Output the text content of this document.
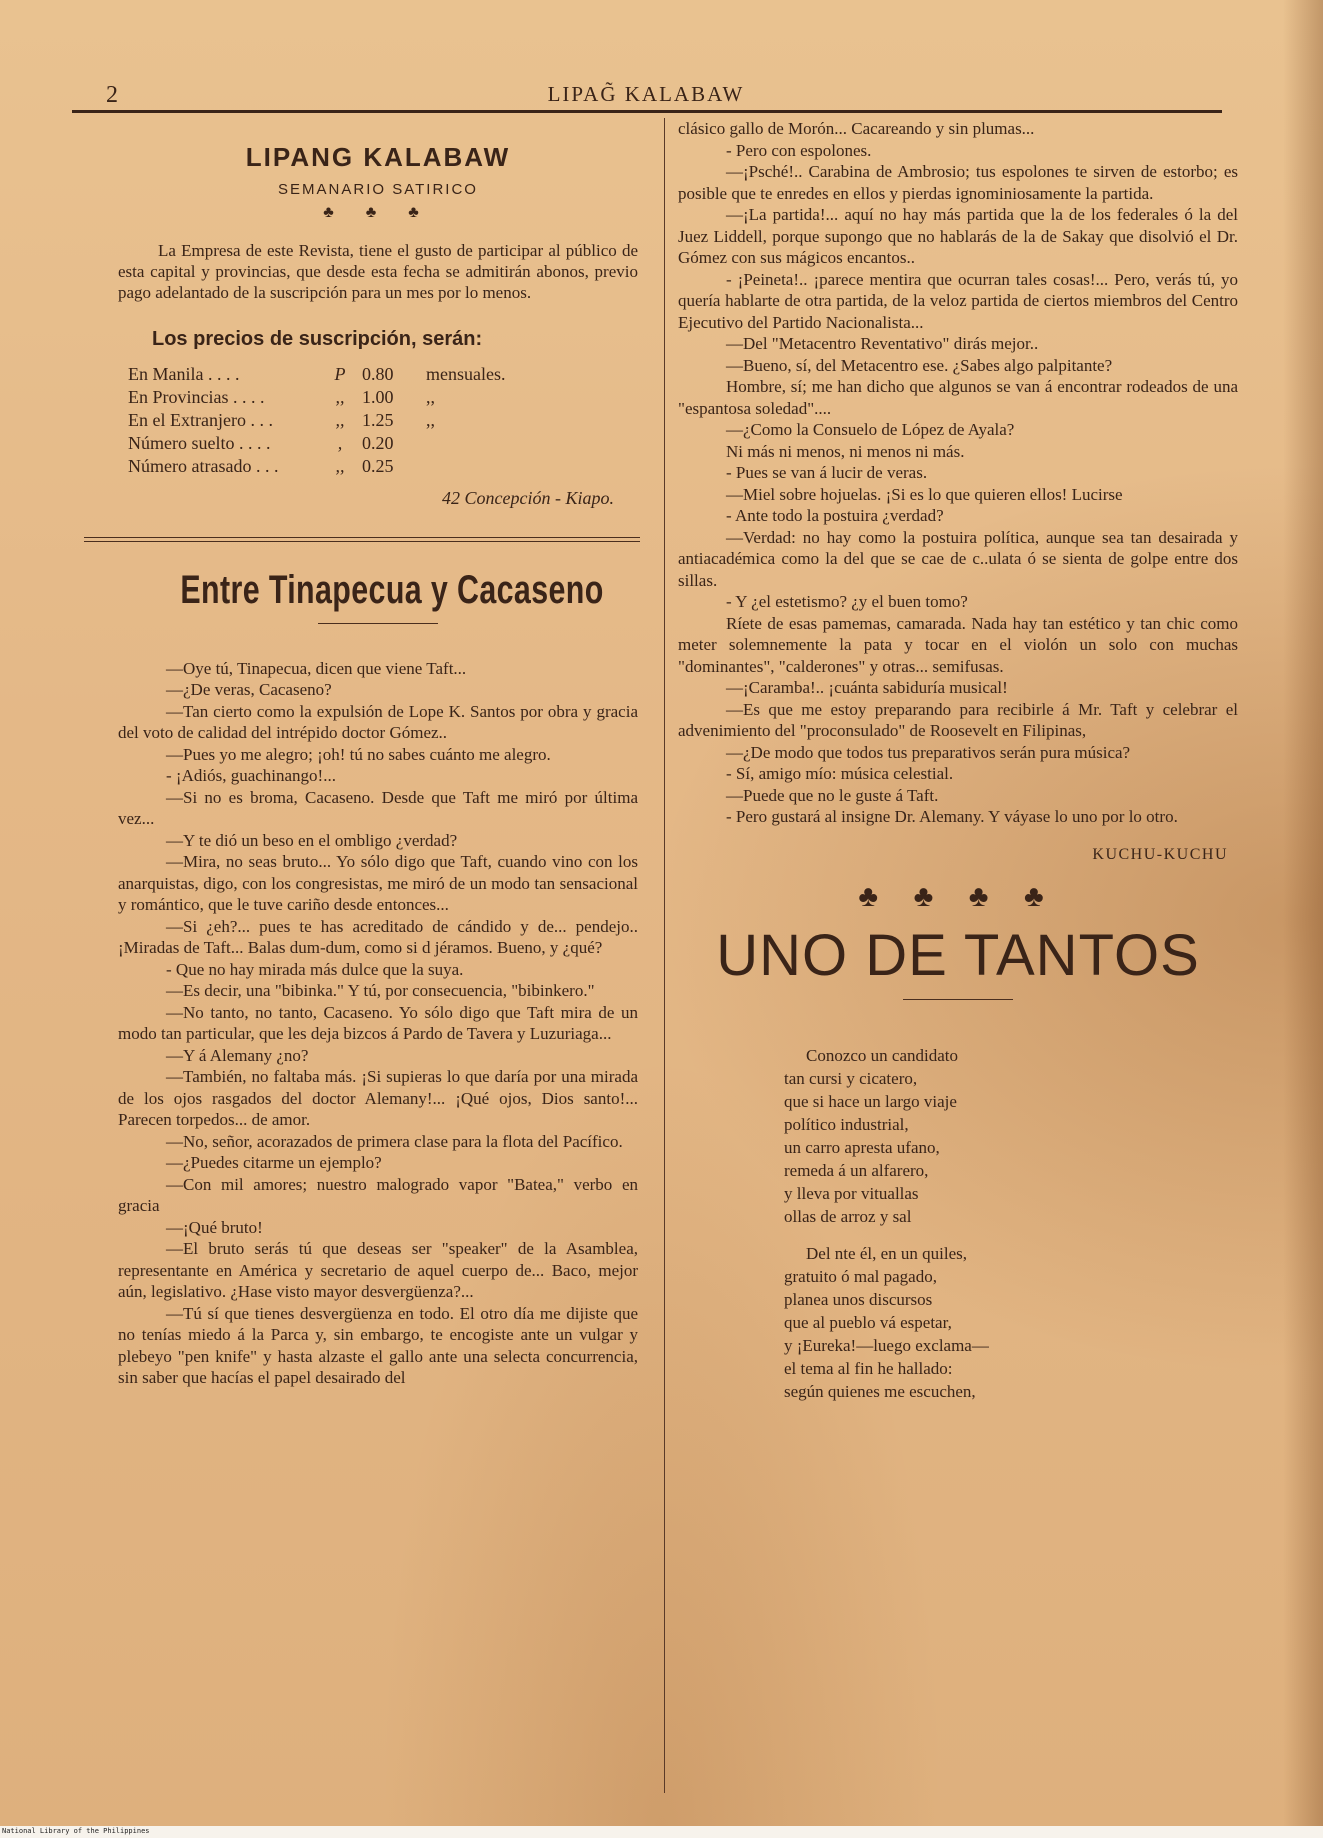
2	LIPAG̃ KALABAW
LIPANG KALABAW
SEMANARIO SATIRICO
♣ ♣ ♣

La Empresa de este Revista, tiene el gusto de participar al público de esta capital y provincias, que desde esta fecha se admitirán abonos, previo pago adelantado de la suscripción para un mes por lo menos.

Los precios de suscripción, serán:
En Manila . . . .	P	0.80	mensuales.
En Provincias . . . .	,,	1.00	,,
En el Extranjero . . .	,,	1.25	,,
Número suelto . . . .	,	0.20	
Número atrasado . . .	,,	0.25	
42 Concepción - Kiapo.
Entre Tinapecua y Cacaseno

—Oye tú, Tinapecua, dicen que viene Taft...

—¿De veras, Cacaseno?

—Tan cierto como la expulsión de Lope K. Santos por obra y gracia del voto de calidad del intrépido doctor Gómez..

—Pues yo me alegro; ¡oh! tú no sabes cuánto me alegro.

- ¡Adiós, guachinango!...

—Si no es broma, Cacaseno. Desde que Taft me miró por última vez...

—Y te dió un beso en el ombligo ¿verdad?

—Mira, no seas bruto... Yo sólo digo que Taft, cuando vino con los anarquistas, digo, con los congresistas, me miró de un modo tan sensacional y romántico, que le tuve cariño desde entonces...

—Si ¿eh?... pues te has acreditado de cándido y de... pendejo.. ¡Miradas de Taft... Balas dum-dum, como si d jéramos. Bueno, y ¿qué?

- Que no hay mirada más dulce que la suya.

—Es decir, una "bibinka." Y tú, por consecuencia, "bibinkero."

—No tanto, no tanto, Cacaseno. Yo sólo digo que Taft mira de un modo tan particular, que les deja bizcos á Pardo de Tavera y Luzuriaga...

—Y á Alemany ¿no?

—También, no faltaba más. ¡Si supieras lo que daría por una mirada de los ojos rasgados del doctor Alemany!... ¡Qué ojos, Dios santo!... Parecen torpedos... de amor.

—No, señor, acorazados de primera clase para la flota del Pacífico.

—¿Puedes citarme un ejemplo?

—Con mil amores; nuestro malogrado vapor "Batea," verbo en gracia

—¡Qué bruto!

—El bruto serás tú que deseas ser "speaker" de la Asamblea, representante en América y secretario de aquel cuerpo de... Baco, mejor aún, legislativo. ¿Hase visto mayor desvergüenza?...

—Tú sí que tienes desvergüenza en todo. El otro día me dijiste que no tenías miedo á la Parca y, sin embargo, te encogiste ante un vulgar y plebeyo "pen knife" y hasta alzaste el gallo ante una selecta concurrencia, sin saber que hacías el papel desairado del

clásico gallo de Morón... Cacareando y sin plumas...

- Pero con espolones.

—¡Psché!.. Carabina de Ambrosio; tus espolones te sirven de estorbo; es posible que te enredes en ellos y pierdas ignominiosamente la partida.

—¡La partida!... aquí no hay más partida que la de los federales ó la del Juez Liddell, porque supongo que no hablarás de la de Sakay que disolvió el Dr. Gómez con sus mágicos encantos..

- ¡Peineta!.. ¡parece mentira que ocurran tales cosas!... Pero, verás tú, yo quería hablarte de otra partida, de la veloz partida de ciertos miembros del Centro Ejecutivo del Partido Nacionalista...

—Del "Metacentro Reventativo" dirás mejor..

—Bueno, sí, del Metacentro ese. ¿Sabes algo palpitante?

Hombre, sí; me han dicho que algunos se van á encontrar rodeados de una "espantosa soledad"....

—¿Como la Consuelo de López de Ayala?

Ni más ni menos, ni menos ni más.

- Pues se van á lucir de veras.

—Miel sobre hojuelas. ¡Si es lo que quieren ellos! Lucirse

- Ante todo la postuira ¿verdad?

—Verdad: no hay como la postuira política, aunque sea tan desairada y antiacadémica como la del que se cae de c..ulata ó se sienta de golpe entre dos sillas.

- Y ¿el estetismo? ¿y el buen tomo?

Ríete de esas pamemas, camarada. Nada hay tan estético y tan chic como meter solemnemente la pata y tocar en el violón un solo con muchas "dominantes", "calderones" y otras... semifusas.

—¡Caramba!.. ¡cuánta sabiduría musical!

—Es que me estoy preparando para recibirle á Mr. Taft y celebrar el advenimiento del "proconsulado" de Roosevelt en Filipinas,

—¿De modo que todos tus preparativos serán pura música?

- Sí, amigo mío: música celestial.

—Puede que no le guste á Taft.

- Pero gustará al insigne Dr. Alemany. Y váyase lo uno por lo otro.

KUCHU-KUCHU
♣ ♣ ♣ ♣
UNO DE TANTOS
Conozco un candidato
tan cursi y cicatero,
que si hace un largo viaje
político industrial,
un carro apresta ufano,
remeda á un alfarero,
y lleva por vituallas
ollas de arroz y sal
Del nte él, en un quiles,
gratuito ó mal pagado,
planea unos discursos
que al pueblo vá espetar,
y ¡Eureka!—luego exclama—
el tema al fin he hallado:
según quienes me escuchen,
National Library of the Philippines
